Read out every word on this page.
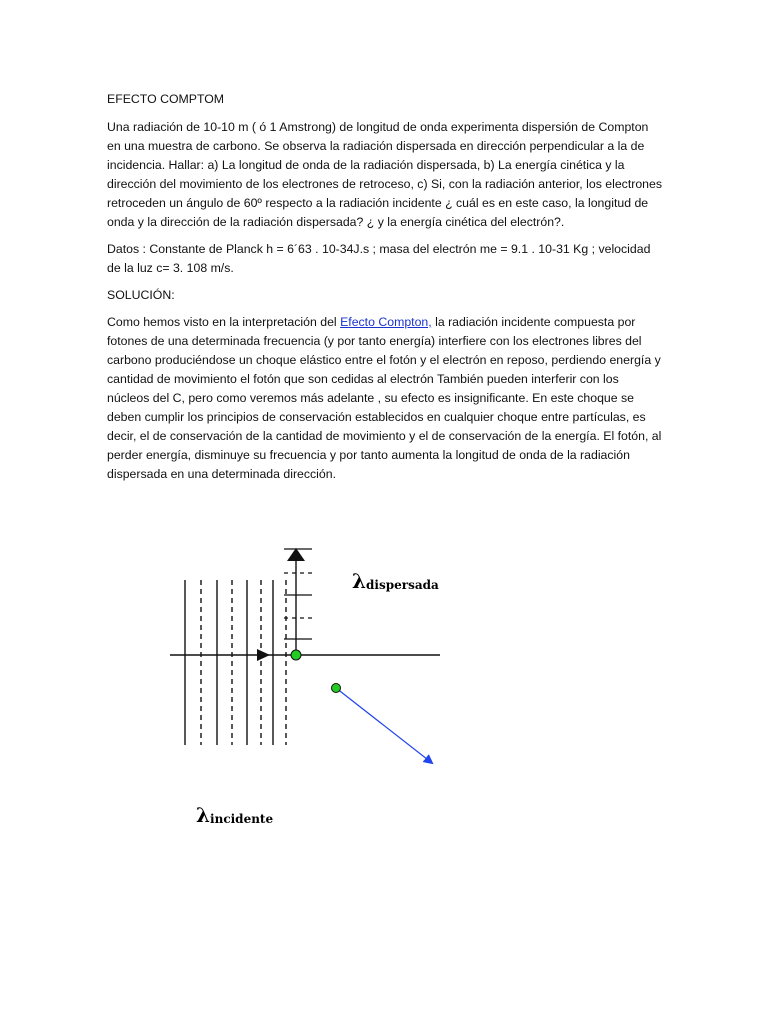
EFECTO COMPTOM

Una radiación de 10-10 m ( ó 1 Amstrong) de longitud de onda experimenta dispersión de Compton en una muestra de carbono. Se observa la radiación dispersada en dirección perpendicular a la de incidencia. Hallar: a) La longitud de onda de la radiación dispersada, b) La energía cinética y la dirección del movimiento de los electrones de retroceso, c) Si, con la radiación anterior, los electrones retroceden un ángulo de 60º respecto a la radiación incidente ¿ cuál es en este caso, la longitud de onda y la dirección de la radiación dispersada? ¿ y la energía cinética del electrón?.

Datos : Constante de Planck h = 6´63 . 10-34J.s ; masa del electrón me = 9.1 . 10-31 Kg ; velocidad de la luz c= 3. 108 m/s.

SOLUCIÓN:

Como hemos visto en la interpretación del Efecto Compton, la radiación incidente compuesta por fotones de una determinada frecuencia (y por tanto energía) interfiere con los electrones libres del carbono produciéndose un choque elástico entre el fotón y el electrón en reposo, perdiendo energía y cantidad de movimiento el fotón que son cedidas al electrón También pueden interferir con los núcleos del C, pero como veremos más adelante , su efecto es insignificante. En este choque se deben cumplir los principios de conservación establecidos en cualquier choque entre partículas, es decir, el de conservación de la cantidad de movimiento y el de conservación de la energía. El fotón, al perder energía, disminuye su frecuencia y por tanto aumenta la longitud de onda de la radiación dispersada en una determinada dirección.

λdispersada
λincidente
